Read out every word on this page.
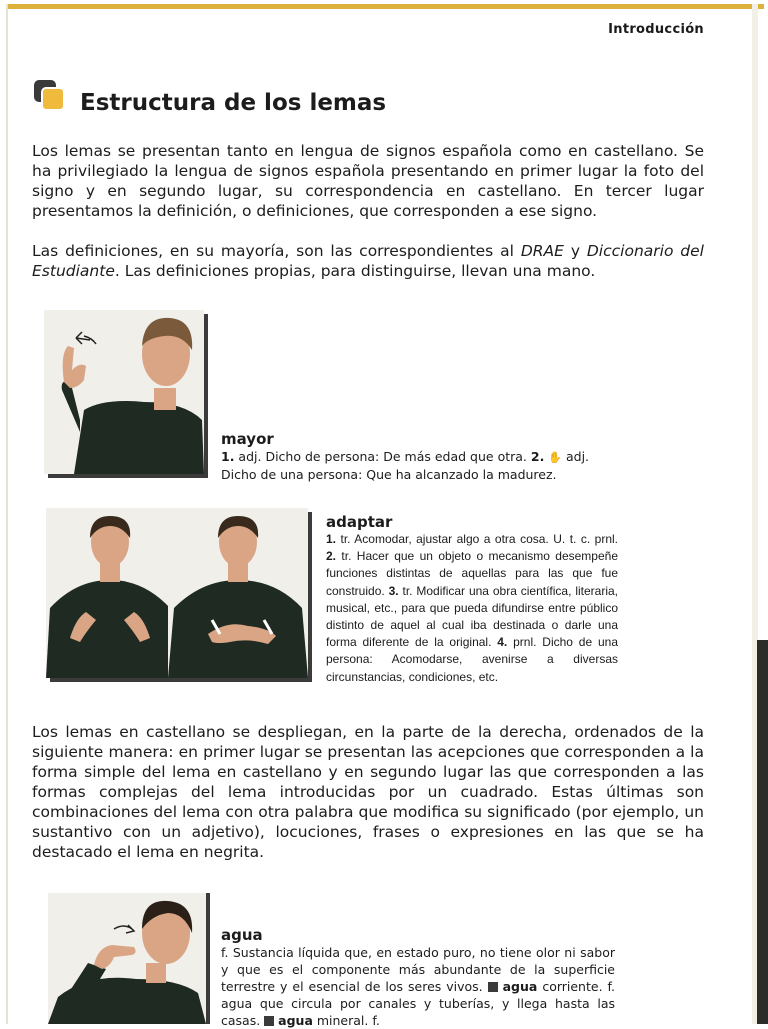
Introducción
Estructura de los lemas

Los lemas se presentan tanto en lengua de signos española como en castellano. Se ha privilegiado la lengua de signos española presentando en primer lugar la foto del signo y en segundo lugar, su correspondencia en castellano. En tercer lugar presentamos la definición, o definiciones, que corresponden a ese signo.

Las definiciones, en su mayoría, son las correspondientes al DRAE y Diccionario del Estudiante. Las definiciones propias, para distinguirse, llevan una mano.

mayor
1. adj. Dicho de persona: De más edad que otra. 2. ✋ adj. Dicho de una persona: Que ha alcanzado la madurez.
adaptar
1. tr. Acomodar, ajustar algo a otra cosa. U. t. c. prnl. 2. tr. Hacer que un objeto o mecanismo desempeñe funciones distintas de aquellas para las que fue construido. 3. tr. Modificar una obra científica, literaria, musical, etc., para que pueda difundirse entre público distinto de aquel al cual iba destinada o darle una forma diferente de la original. 4. prnl. Dicho de una persona: Acomodarse, avenirse a diversas circunstancias, condiciones, etc.

Los lemas en castellano se despliegan, en la parte de la derecha, ordenados de la siguiente manera: en primer lugar se presentan las acepciones que corresponden a la forma simple del lema en castellano y en segundo lugar las que corresponden a las formas complejas del lema introducidas por un cuadrado. Estas últimas son combinaciones del lema con otra palabra que modifica su significado (por ejemplo, un sustantivo con un adjetivo), locuciones, frases o expresiones en las que se ha destacado el lema en negrita.

agua
f. Sustancia líquida que, en estado puro, no tiene olor ni sabor y que es el componente más abundante de la superficie terrestre y el esencial de los seres vivos.  agua corriente. f. agua que circula por canales y tuberías, y llega hasta las casas.  agua mineral. f.
